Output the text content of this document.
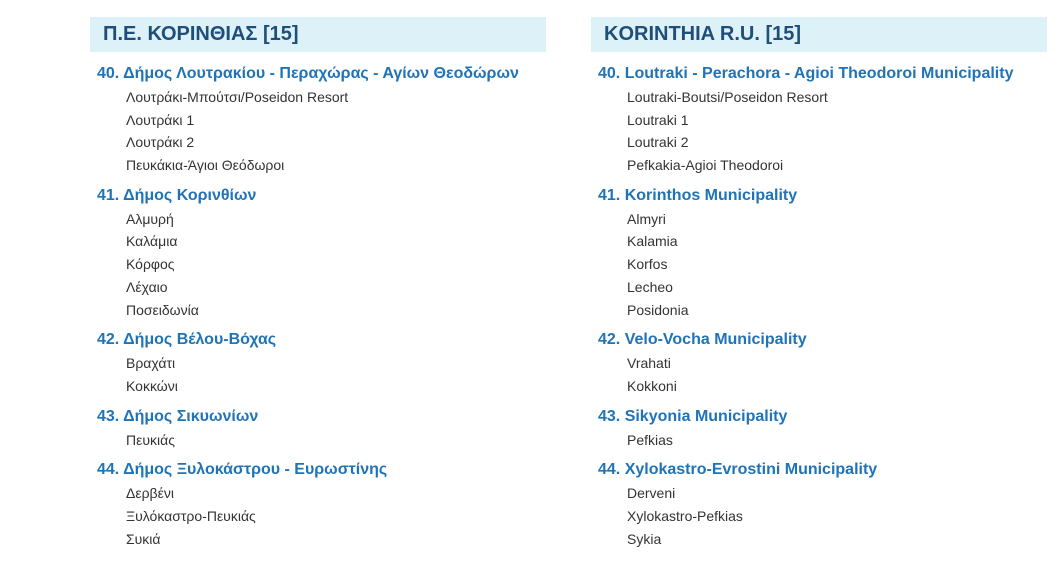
Π.Ε. ΚΟΡΙΝΘΙΑΣ [15]
40. Δήμος Λουτρακίου - Περαχώρας - Αγίων Θεοδώρων
Λουτράκι-Μπούτσι/Poseidon Resort
Λουτράκι 1
Λουτράκι 2
Πευκάκια-Άγιοι Θεόδωροι
41. Δήμος Κορινθίων
Αλμυρή
Καλάμια
Κόρφος
Λέχαιο
Ποσειδωνία
42. Δήμος Βέλου-Βόχας
Βραχάτι
Κοκκώνι
43. Δήμος Σικυωνίων
Πευκιάς
44. Δήμος Ξυλοκάστρου - Ευρωστίνης
Δερβένι
Ξυλόκαστρο-Πευκιάς
Συκιά
KORINTHIA R.U. [15]
40. Loutraki - Perachora - Agioi Theodoroi Municipality
Loutraki-Boutsi/Poseidon Resort
Loutraki 1
Loutraki 2
Pefkakia-Agioi Theodoroi
41. Korinthos Municipality
Almyri
Kalamia
Korfos
Lecheo
Posidonia
42. Velo-Vocha Municipality
Vrahati
Kokkoni
43. Sikyonia Municipality
Pefkias
44. Xylokastro-Evrostini Municipality
Derveni
Xylokastro-Pefkias
Sykia
